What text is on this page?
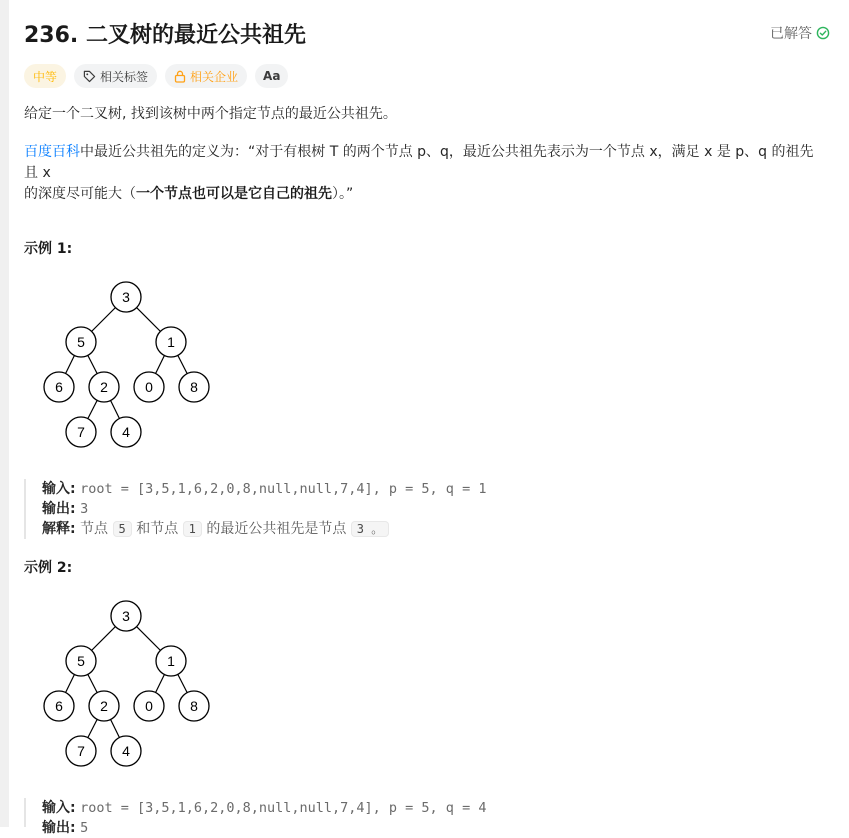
236. 二叉树的最近公共祖先	已解答
中等	相关标签	相关企业 Aa

给定一个二叉树, 找到该树中两个指定节点的最近公共祖先。

百度百科中最近公共祖先的定义为：“对于有根树 T 的两个节点 p、q，最近公共祖先表示为一个节点 x，满足 x 是 p、q 的祖先且 x
的深度尽可能大（一个节点也可以是它自己的祖先）。”

示例 1:
3
5	1
6	2	0	8
7	4
输入: root = [3,5,1,6,2,0,8,null,null,7,4], p = 5, q = 1
输出: 3
解释: 节点 5 和节点 1 的最近公共祖先是节点 3 。
示例 2:
3
5	1
6	2	0	8
7	4
输入: root = [3,5,1,6,2,0,8,null,null,7,4], p = 5, q = 4
输出: 5
